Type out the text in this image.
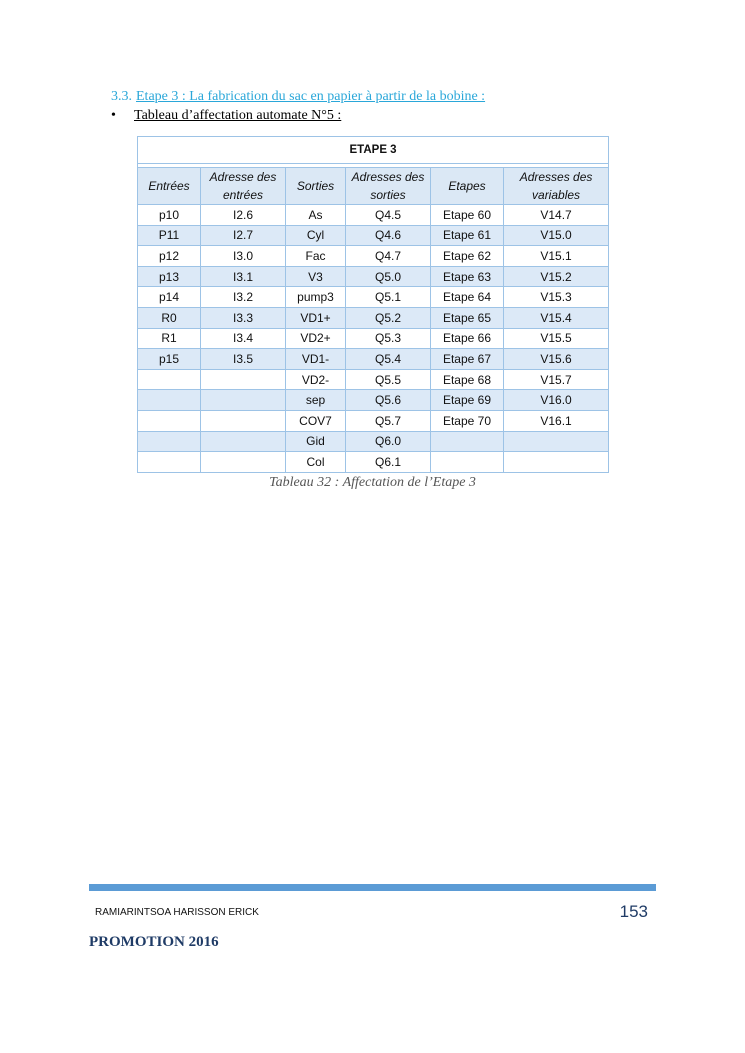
3.3. Etape 3 : La fabrication du sac en papier à partir de la bobine :
• Tableau d’affectation automate N°5 :
ETAPE 3					

Entrées	Adresse des entrées	Sorties	Adresses des sorties	Etapes	Adresses des variables
p10	I2.6	As	Q4.5	Etape 60	V14.7
P11	I2.7	Cyl	Q4.6	Etape 61	V15.0
p12	I3.0	Fac	Q4.7	Etape 62	V15.1
p13	I3.1	V3	Q5.0	Etape 63	V15.2
p14	I3.2	pump3	Q5.1	Etape 64	V15.3
R0	I3.3	VD1+	Q5.2	Etape 65	V15.4
R1	I3.4	VD2+	Q5.3	Etape 66	V15.5
p15	I3.5	VD1-	Q5.4	Etape 67	V15.6
		VD2-	Q5.5	Etape 68	V15.7
		sep	Q5.6	Etape 69	V16.0
		COV7	Q5.7	Etape 70	V16.1
		Gid	Q6.0		
		Col	Q6.1		
Tableau 32 : Affectation de l’Etape 3
RAMIARINTSOA HARISSON ERICK	153
PROMOTION 2016
